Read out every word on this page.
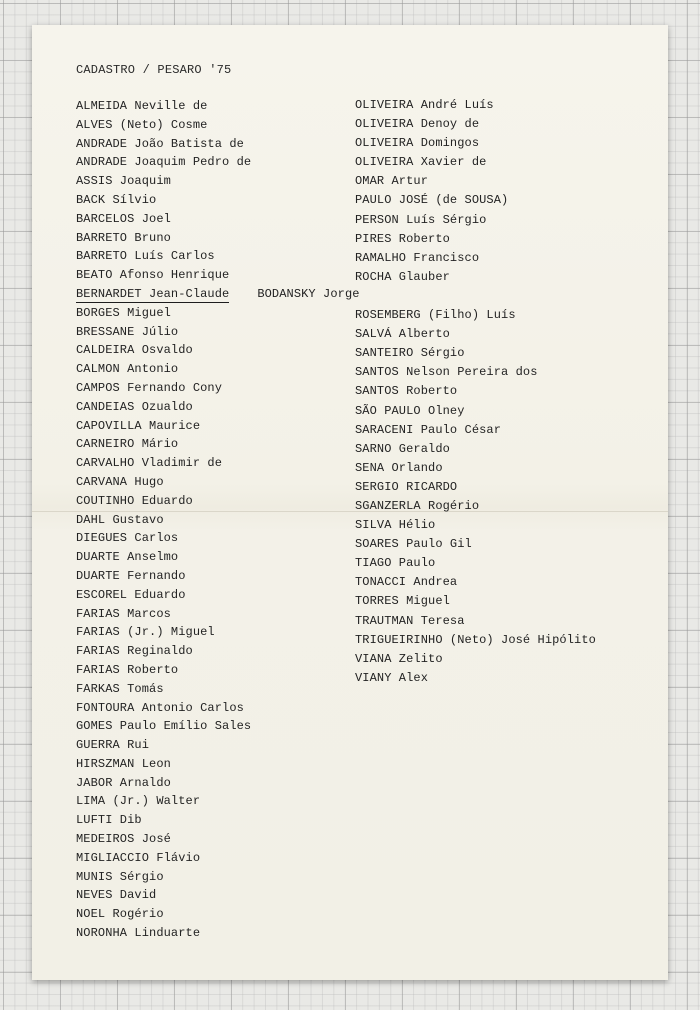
CADASTRO / PESARO '75
ALMEIDA Neville de
ALVES (Neto) Cosme
ANDRADE João Batista de
ANDRADE Joaquim Pedro de
ASSIS Joaquim
BACK Sílvio
BARCELOS Joel
BARRETO Bruno
BARRETO Luís Carlos
BEATO Afonso Henrique
BERNARDET Jean-Claude BODANSKY Jorge
BORGES Miguel
BRESSANE Júlio
CALDEIRA Osvaldo
CALMON Antonio
CAMPOS Fernando Cony
CANDEIAS Ozualdo
CAPOVILLA Maurice
CARNEIRO Mário
CARVALHO Vladimir de
CARVANA Hugo
COUTINHO Eduardo
DAHL Gustavo
DIEGUES Carlos
DUARTE Anselmo
DUARTE Fernando
ESCOREL Eduardo
FARIAS Marcos
FARIAS (Jr.) Miguel
FARIAS Reginaldo
FARIAS Roberto
FARKAS Tomás
FONTOURA Antonio Carlos
GOMES Paulo Emílio Sales
GUERRA Rui
HIRSZMAN Leon
JABOR Arnaldo
LIMA (Jr.) Walter
LUFTI Dib
MEDEIROS José
MIGLIACCIO Flávio
MUNIS Sérgio
NEVES David
NOEL Rogério
NORONHA Linduarte
OLIVEIRA André Luís
OLIVEIRA Denoy de
OLIVEIRA Domingos
OLIVEIRA Xavier de
OMAR Artur
PAULO JOSÉ (de SOUSA)
PERSON Luís Sérgio
PIRES Roberto
RAMALHO Francisco
ROCHA Glauber
ROSEMBERG (Filho) Luís
SALVÁ Alberto
SANTEIRO Sérgio
SANTOS Nelson Pereira dos
SANTOS Roberto
SÃO PAULO Olney
SARACENI Paulo César
SARNO Geraldo
SENA Orlando
SERGIO RICARDO
SGANZERLA Rogério
SILVA Hélio
SOARES Paulo Gil
TIAGO Paulo
TONACCI Andrea
TORRES Miguel
TRAUTMAN Teresa
TRIGUEIRINHO (Neto) José Hipólito
VIANA Zelito
VIANY Alex
